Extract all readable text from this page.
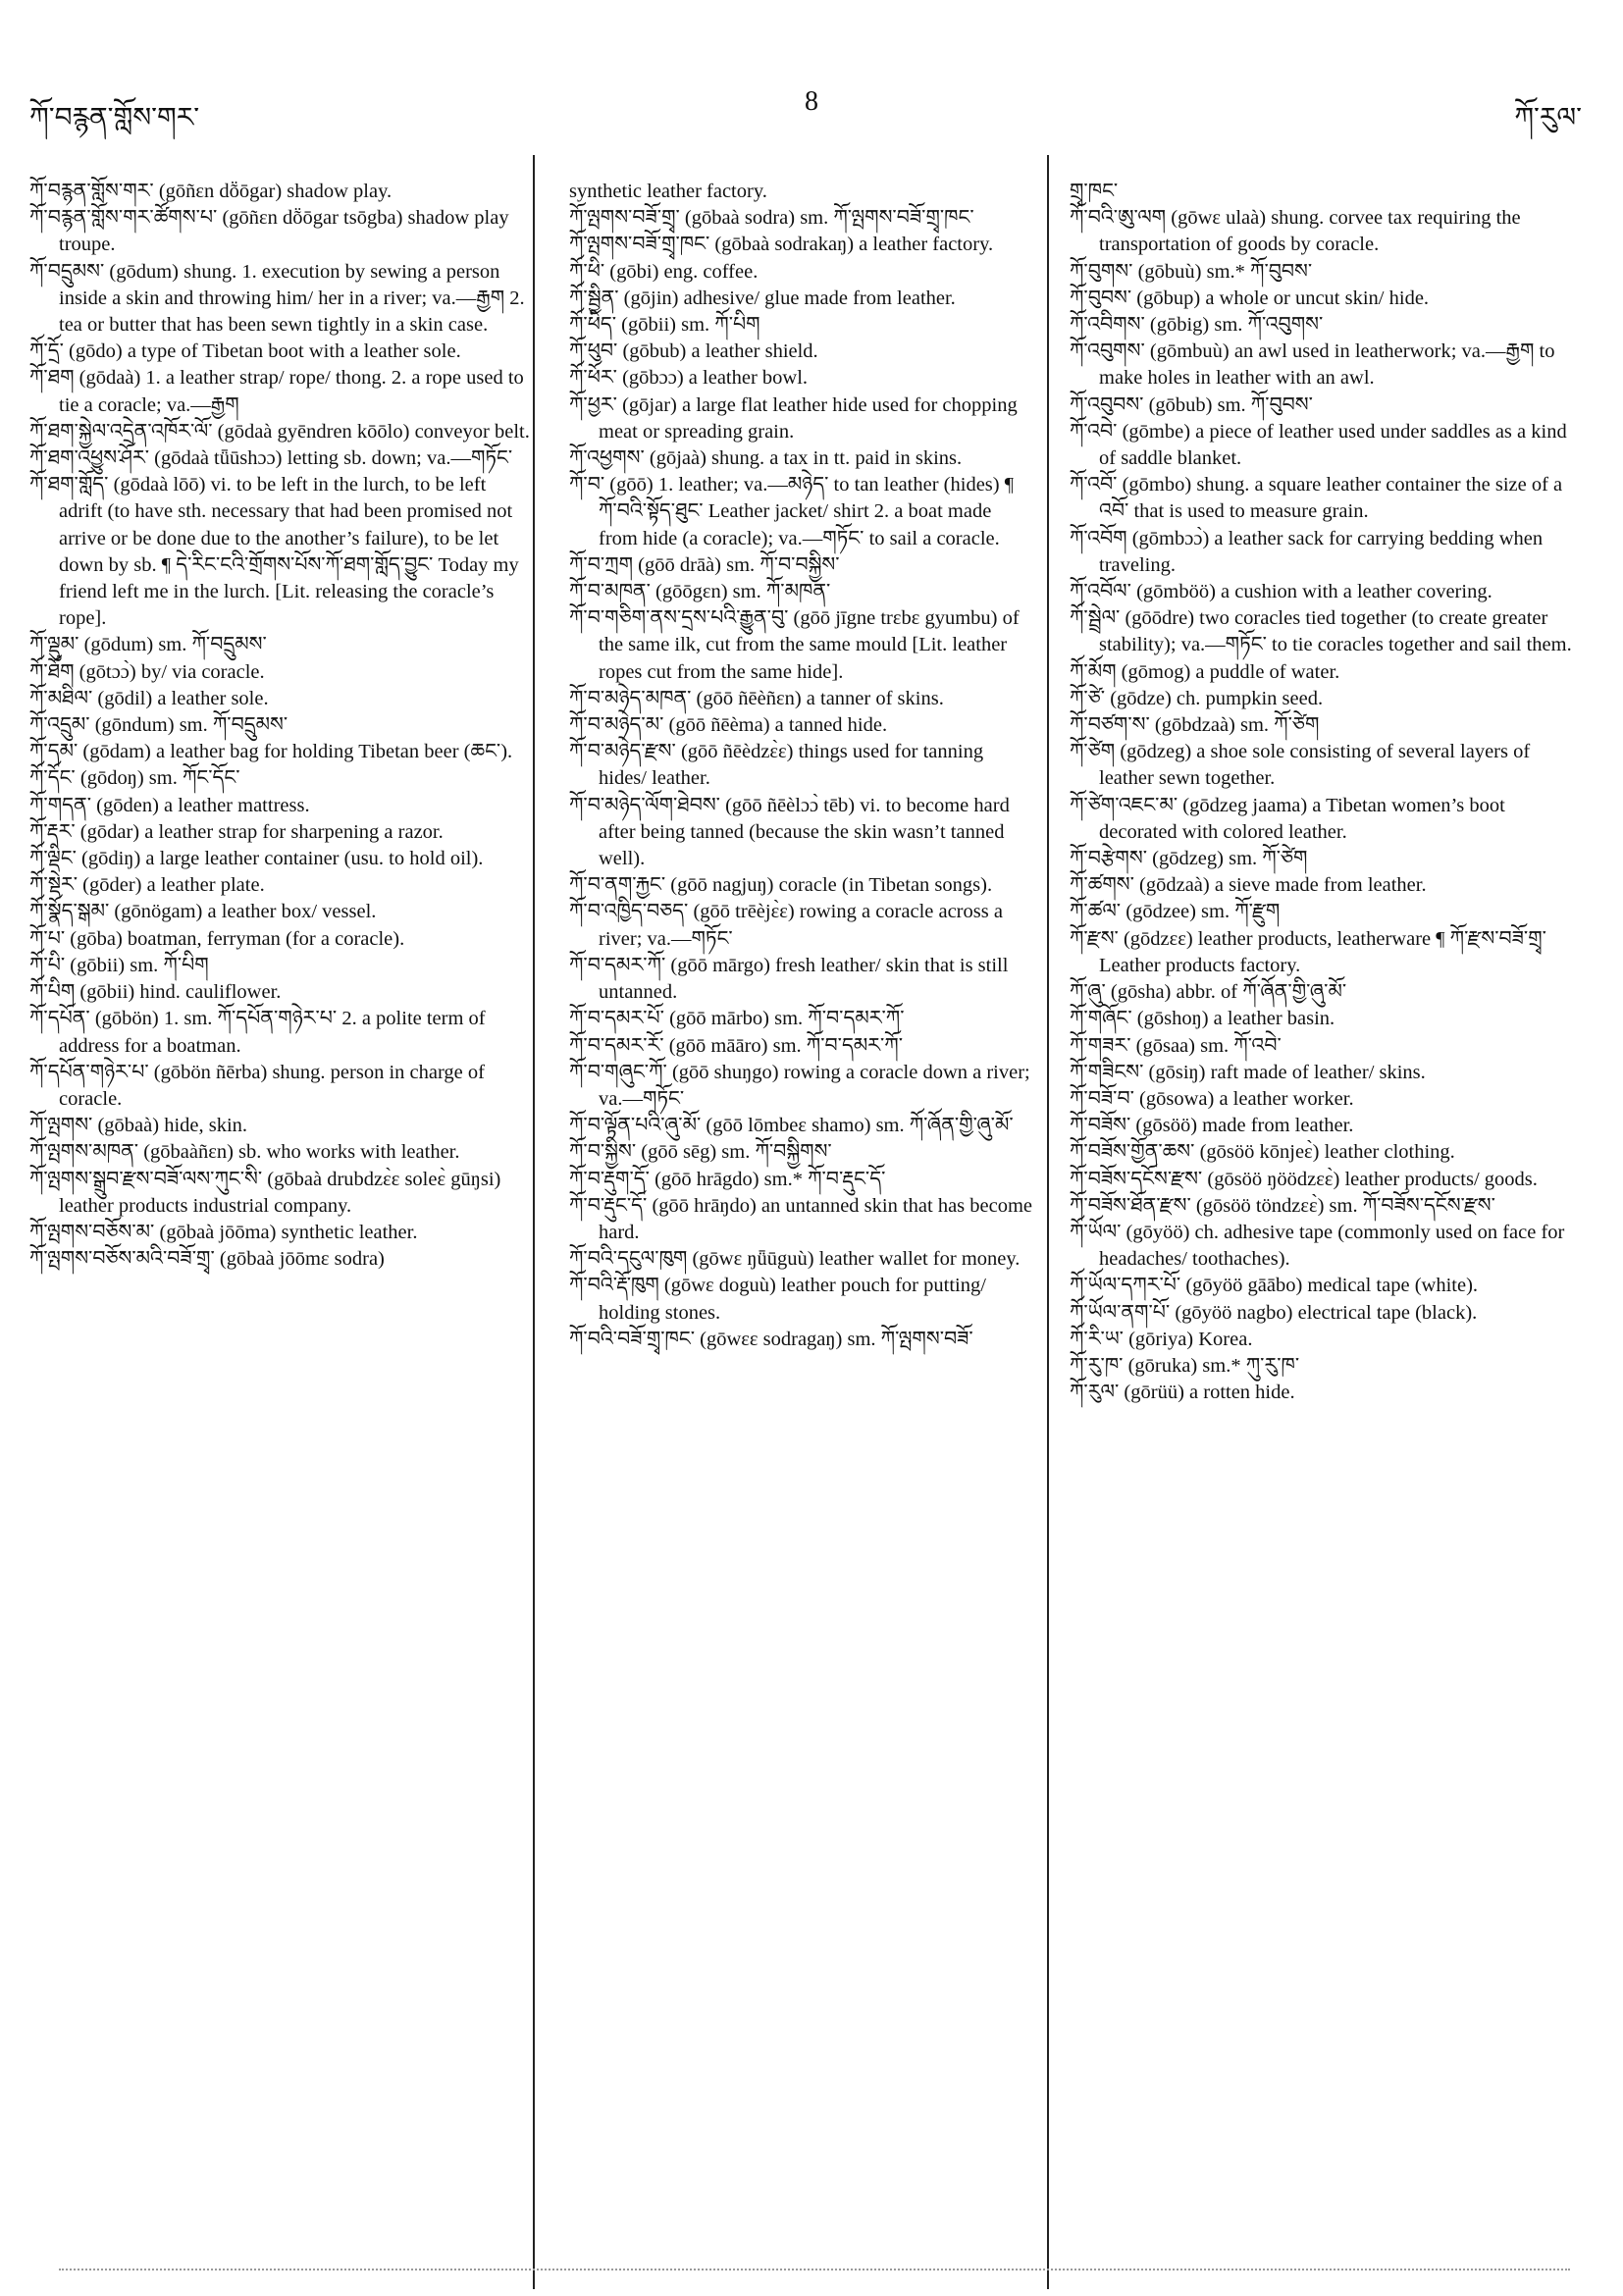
ཀོ་བརྙན་གློས་གར་
8
ཀོ་རུལ་

ཀོ་བརྙན་གློས་གར་ (gōñɛn dṏōgar) shadow play.

ཀོ་བརྙན་གློས་གར་ཚོགས་པ་ (gōñɛn dṏōgar tsōgba) shadow play troupe.

ཀོ་བདྲུམས་ (gōdum) shung. 1. execution by sewing a person inside a skin and throwing him/ her in a river; va.—རྒྱག 2. tea or butter that has been sewn tightly in a skin case.

ཀོ་དྲོ་ (gōdo) a type of Tibetan boot with a leather sole.

ཀོ་ཐག (gōdaà) 1. a leather strap/ rope/ thong. 2. a rope used to tie a coracle; va.—རྒྱག

ཀོ་ཐག་སྐྱེལ་འདྲེན་འཁོར་ལོ་ (gōdaà gyēndren kōōlo) conveyor belt.

ཀོ་ཐག་འཕྱུས་ཤོར་ (gōdaà tǖūshɔɔ) letting sb. down; va.—གཏོང་

ཀོ་ཐག་གློད་ (gōdaà lōō) vi. to be left in the lurch, to be left adrift (to have sth. necessary that had been promised not arrive or be done due to the another’s failure), to be let down by sb. ¶ དེ་རིང་ངའི་གྲོགས་པོས་ཀོ་ཐག་གློད་བྱུང་ Today my friend left me in the lurch. [Lit. releasing the coracle’s rope].

ཀོ་ལྡུམ་ (gōdum) sm. ཀོ་བདྲུམས་

ཀོ་ཐོག (gōtɔɔ̀) by/ via coracle.

ཀོ་མཐིལ་ (gōdil) a leather sole.

ཀོ་འདྲུམ་ (gōndum) sm. ཀོ་བདྲུམས་

ཀོ་དམ་ (gōdam) a leather bag for holding Tibetan beer (ཆང་).

ཀོ་དོང་ (gōdoŋ) sm. ཀོང་དོང་

ཀོ་གདན་ (gōden) a leather mattress.

ཀོ་རྡར་ (gōdar) a leather strap for sharpening a razor.

ཀོ་ལྡིང་ (gōdiŋ) a large leather container (usu. to hold oil).

ཀོ་སྡེར་ (gōder) a leather plate.

ཀོ་སྣོད་སྒམ་ (gōnögam) a leather box/ vessel.

ཀོ་པ་ (gōba) boatman, ferryman (for a coracle).

ཀོ་པི་ (gōbii) sm. ཀོ་པིག

ཀོ་པིག (gōbii) hind. cauliflower.

ཀོ་དཔོན་ (gōbön) 1. sm. ཀོ་དཔོན་གཉེར་པ་ 2. a polite term of address for a boatman.

ཀོ་དཔོན་གཉེར་པ་ (gōbön ñērba) shung. person in charge of coracle.

ཀོ་ལྤགས་ (gōbaà) hide, skin.

ཀོ་ལྤགས་མཁན་ (gōbaàñɛn) sb. who works with leather.

ཀོ་ལྤགས་སྒྲུབ་རྫས་བཟོ་ལས་ཀུང་སི་ (gōbaà drubdzɛ̀ɛ soleɛ̀ gūŋsi) leather products industrial company.

ཀོ་ལྤགས་བཅོས་མ་ (gōbaà jōōma) synthetic leather.

ཀོ་ལྤགས་བཅོས་མའི་བཟོ་གྲྭ་ (gōbaà jōōmɛ sodra)

synthetic leather factory.

ཀོ་ལྤགས་བཟོ་གྲྭ་ (gōbaà sodra) sm. ཀོ་ལྤགས་བཟོ་གྲྭ་ཁང་

ཀོ་ལྤགས་བཟོ་གྲྭ་ཁང་ (gōbaà sodrakaŋ) a leather factory.

ཀོ་ཕི་ (gōbi) eng. coffee.

ཀོ་སྦྱིན་ (gōjin) adhesive/ glue made from leather.

ཀོ་ཕིད་ (gōbii) sm. ཀོ་པིག

ཀོ་ཕུབ་ (gōbub) a leather shield.

ཀོ་ཕོར་ (gōbɔɔ) a leather bowl.

ཀོ་ཕྱར་ (gōjar) a large flat leather hide used for chopping meat or spreading grain.

ཀོ་འཕྱགས་ (gōjaà) shung. a tax in tt. paid in skins.

ཀོ་བ་ (gōō) 1. leather; va.—མཉེད་ to tan leather (hides) ¶ ཀོ་བའི་སྟོད་ཐུང་ Leather jacket/ shirt 2. a boat made from hide (a coracle); va.—གཏོང་ to sail a coracle.

ཀོ་བ་ཀྲག (gōō drāà) sm. ཀོ་བ་བསྐྱིས་

ཀོ་བ་མཁན་ (gōōgɛn) sm. ཀོ་མཁན་

ཀོ་བ་གཅིག་ནས་དྲས་པའི་རྒྱུན་བུ་ (gōō jīgne trɛbɛ gyumbu) of the same ilk, cut from the same mould [Lit. leather ropes cut from the same hide].

ཀོ་བ་མཉེད་མཁན་ (gōō ñēèñɛn) a tanner of skins.

ཀོ་བ་མཉེད་མ་ (gōō ñēèma) a tanned hide.

ཀོ་བ་མཉེད་རྫས་ (gōō ñēèdzɛ̀ɛ) things used for tanning hides/ leather.

ཀོ་བ་མཉེད་ལོག་ཐེབས་ (gōō ñēèlɔɔ̀ tēb) vi. to become hard after being tanned (because the skin wasn’t tanned well).

ཀོ་བ་ནག་རྐྱང་ (gōō nagjuŋ) coracle (in Tibetan songs).

ཀོ་བ་འཁྱིད་བཅད་ (gōō trēèjɛ̀ɛ) rowing a coracle across a river; va.—གཏོང་

ཀོ་བ་དམར་ཀོ་ (gōō mārgo) fresh leather/ skin that is still untanned.

ཀོ་བ་དམར་པོ་ (gōō mārbo) sm. ཀོ་བ་དམར་ཀོ་

ཀོ་བ་དམར་རོ་ (gōō māāro) sm. ཀོ་བ་དམར་ཀོ་

ཀོ་བ་གཞུང་ཀོ་ (gōō shuŋgo) rowing a coracle down a river; va.—གཏོང་

ཀོ་བ་ལྟོན་པའི་ཞུ་མོ་ (gōō lōmbeɛ shamo) sm. ཀོ་ཞོན་གྱི་ཞུ་མོ་

ཀོ་བ་སྐྱིས་ (gōō sēg) sm. ཀོ་བསྐྱིགས་

ཀོ་བ་རྡུག་དོ་ (gōō hrāgdo) sm.* ཀོ་བ་རྡུང་དོ་

ཀོ་བ་རྡུང་དོ་ (gōō hrāŋdo) an untanned skin that has become hard.

ཀོ་བའི་དངུལ་ཁུག (gōwɛ ŋǖūguù) leather wallet for money.

ཀོ་བའི་རྡོ་ཁུག (gōwɛ doguù) leather pouch for putting/ holding stones.

ཀོ་བའི་བཟོ་གྲྭ་ཁང་ (gōwɛɛ sodragaŋ) sm. ཀོ་ལྤགས་བཟོ་

གྲྭ་ཁང་

ཀོ་བའི་ཨུ་ལག (gōwɛ ulaà) shung. corvee tax requiring the transportation of goods by coracle.

ཀོ་བུགས་ (gōbuù) sm.* ཀོ་བུབས་

ཀོ་བུབས་ (gōbup) a whole or uncut skin/ hide.

ཀོ་འབིགས་ (gōbig) sm. ཀོ་འབུགས་

ཀོ་འབུགས་ (gōmbuù) an awl used in leatherwork; va.—རྒྱག to make holes in leather with an awl.

ཀོ་འབུབས་ (gōbub) sm. ཀོ་བུབས་

ཀོ་འབེ་ (gōmbe) a piece of leather used under saddles as a kind of saddle blanket.

ཀོ་འབོ་ (gōmbo) shung. a square leather container the size of a འབོ་ that is used to measure grain.

ཀོ་འབོག (gōmbɔɔ̀) a leather sack for carrying bedding when traveling.

ཀོ་འབོལ་ (gōmböö) a cushion with a leather covering.

ཀོ་སྦྲེལ་ (gōōdre) two coracles tied together (to create greater stability); va.—གཏོང་ to tie coracles together and sail them.

ཀོ་མོག (gōmog) a puddle of water.

ཀོ་ཙེ་ (gōdze) ch. pumpkin seed.

ཀོ་བཙག་ས་ (gōbdzaà) sm. ཀོ་ཙེག

ཀོ་ཙེག (gōdzeg) a shoe sole consisting of several layers of leather sewn together.

ཀོ་ཙེག་འཇང་མ་ (gōdzeg jaama) a Tibetan women’s boot decorated with colored leather.

ཀོ་བརྩེགས་ (gōdzeg) sm. ཀོ་ཙེག

ཀོ་ཚགས་ (gōdzaà) a sieve made from leather.

ཀོ་ཚལ་ (gōdzee) sm. ཀོ་རྫུག

ཀོ་རྫས་ (gōdzɛɛ) leather products, leatherware ¶ ཀོ་རྫས་བཟོ་གྲྭ་ Leather products factory.

ཀོ་ཞུ་ (gōsha) abbr. of ཀོ་ཞོན་གྱི་ཞུ་མོ་

ཀོ་གཞོང་ (gōshoŋ) a leather basin.

ཀོ་གཟར་ (gōsaa) sm. ཀོ་འབེ་

ཀོ་གཟིངས་ (gōsiŋ) raft made of leather/ skins.

ཀོ་བཟོ་བ་ (gōsowa) a leather worker.

ཀོ་བཟོས་ (gōsöö) made from leather.

ཀོ་བཟོས་གྱོན་ཆས་ (gōsöö kōnjeɛ̀) leather clothing.

ཀོ་བཟོས་དངོས་རྫས་ (gōsöö ŋöödzɛɛ̀) leather products/ goods.

ཀོ་བཟོས་ཐོན་རྫས་ (gōsöö töndzɛɛ̀) sm. ཀོ་བཟོས་དངོས་རྫས་

ཀོ་ཡོལ་ (gōyöö) ch. adhesive tape (commonly used on face for headaches/ toothaches).

ཀོ་ཡོལ་དཀར་པོ་ (gōyöö gāābo) medical tape (white).

ཀོ་ཡོལ་ནག་པོ་ (gōyöö nagbo) electrical tape (black).

ཀོ་རི་ཡ་ (gōriya) Korea.

ཀོ་རུ་ཁ་ (gōruka) sm.* ཀུ་རུ་ཁ་

ཀོ་རུལ་ (gōrüü) a rotten hide.
